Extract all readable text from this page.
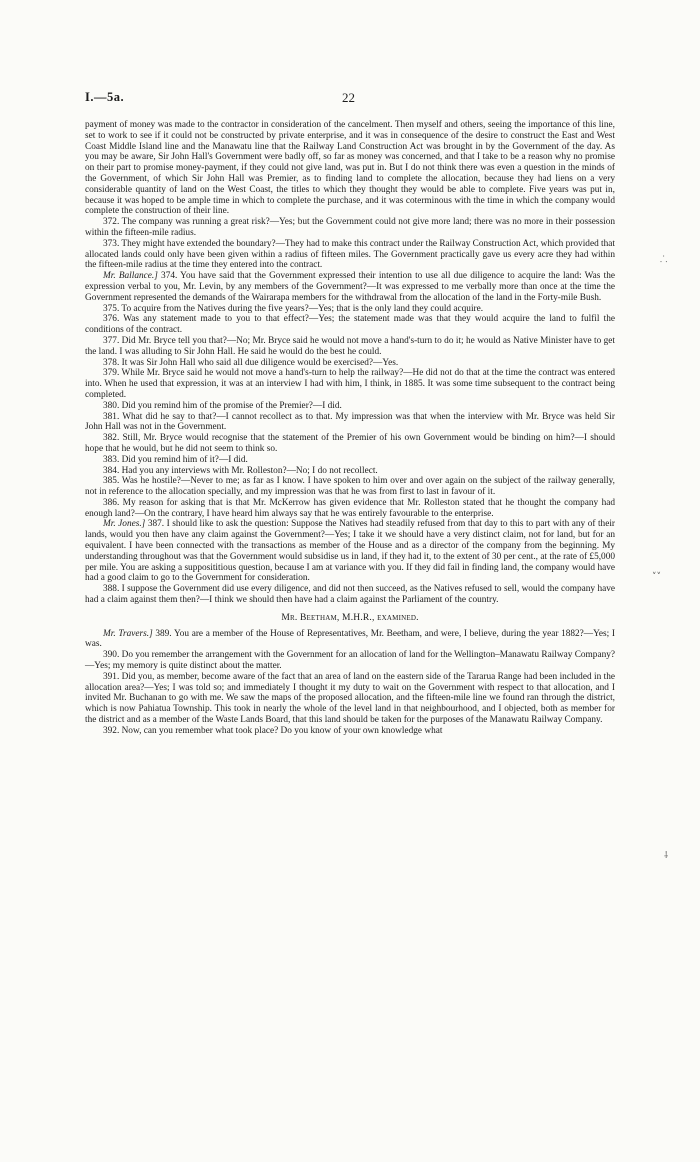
I.—5a.	22

payment of money was made to the contractor in consideration of the cancelment. Then myself and others, seeing the importance of this line, set to work to see if it could not be constructed by private enterprise, and it was in consequence of the desire to construct the East and West Coast Middle Island line and the Manawatu line that the Railway Land Construction Act was brought in by the Government of the day. As you may be aware, Sir John Hall's Government were badly off, so far as money was concerned, and that I take to be a reason why no promise on their part to promise money-payment, if they could not give land, was put in. But I do not think there was even a question in the minds of the Government, of which Sir John Hall was Premier, as to finding land to complete the allocation, because they had liens on a very considerable quantity of land on the West Coast, the titles to which they thought they would be able to complete. Five years was put in, because it was hoped to be ample time in which to complete the purchase, and it was coterminous with the time in which the company would complete the construction of their line.

372. The company was running a great risk?—Yes; but the Government could not give more land; there was no more in their possession within the fifteen-mile radius.

373. They might have extended the boundary?—They had to make this contract under the Railway Construction Act, which provided that allocated lands could only have been given within a radius of fifteen miles. The Government practically gave us every acre they had within the fifteen-mile radius at the time they entered into the contract.

Mr. Ballance.] 374. You have said that the Government expressed their intention to use all due diligence to acquire the land: Was the expression verbal to you, Mr. Levin, by any members of the Government?—It was expressed to me verbally more than once at the time the Government represented the demands of the Wairarapa members for the withdrawal from the allocation of the land in the Forty-mile Bush.

375. To acquire from the Natives during the five years?—Yes; that is the only land they could acquire.

376. Was any statement made to you to that effect?—Yes; the statement made was that they would acquire the land to fulfil the conditions of the contract.

377. Did Mr. Bryce tell you that?—No; Mr. Bryce said he would not move a hand's-turn to do it; he would as Native Minister have to get the land. I was alluding to Sir John Hall. He said he would do the best he could.

378. It was Sir John Hall who said all due diligence would be exercised?—Yes.

379. While Mr. Bryce said he would not move a hand's-turn to help the railway?—He did not do that at the time the contract was entered into. When he used that expression, it was at an interview I had with him, I think, in 1885. It was some time subsequent to the contract being completed.

380. Did you remind him of the promise of the Premier?—I did.

381. What did he say to that?—I cannot recollect as to that. My impression was that when the interview with Mr. Bryce was held Sir John Hall was not in the Government.

382. Still, Mr. Bryce would recognise that the statement of the Premier of his own Government would be binding on him?—I should hope that he would, but he did not seem to think so.

383. Did you remind him of it?—I did.

384. Had you any interviews with Mr. Rolleston?—No; I do not recollect.

385. Was he hostile?—Never to me; as far as I know. I have spoken to him over and over again on the subject of the railway generally, not in reference to the allocation specially, and my impression was that he was from first to last in favour of it.

386. My reason for asking that is that Mr. McKerrow has given evidence that Mr. Rolleston stated that he thought the company had enough land?—On the contrary, I have heard him always say that he was entirely favourable to the enterprise.

Mr. Jones.] 387. I should like to ask the question: Suppose the Natives had steadily refused from that day to this to part with any of their lands, would you then have any claim against the Government?—Yes; I take it we should have a very distinct claim, not for land, but for an equivalent. I have been connected with the transactions as member of the House and as a director of the company from the beginning. My understanding throughout was that the Government would subsidise us in land, if they had it, to the extent of 30 per cent., at the rate of £5,000 per mile. You are asking a supposititious question, because I am at variance with you. If they did fail in finding land, the company would have had a good claim to go to the Government for consideration.

388. I suppose the Government did use every diligence, and did not then succeed, as the Natives refused to sell, would the company have had a claim against them then?—I think we should then have had a claim against the Parliament of the country.

Mr. Beetham, M.H.R., examined.

Mr. Travers.] 389. You are a member of the House of Representatives, Mr. Beetham, and were, I believe, during the year 1882?—Yes; I was.

390. Do you remember the arrangement with the Government for an allocation of land for the Wellington–Manawatu Railway Company?—Yes; my memory is quite distinct about the matter.

391. Did you, as member, become aware of the fact that an area of land on the eastern side of the Tararua Range had been included in the allocation area?—Yes; I was told so; and immediately I thought it my duty to wait on the Government with respect to that allocation, and I invited Mr. Buchanan to go with me. We saw the maps of the proposed allocation, and the fifteen-mile line we found ran through the district, which is now Pahiatua Township. This took in nearly the whole of the level land in that neighbourhood, and I objected, both as member for the district and as a member of the Waste Lands Board, that this land should be taken for the purposes of the Manawatu Railway Company.

392. Now, can you remember what took place? Do you know of your own knowledge what

⸫
˅˅
⸸
